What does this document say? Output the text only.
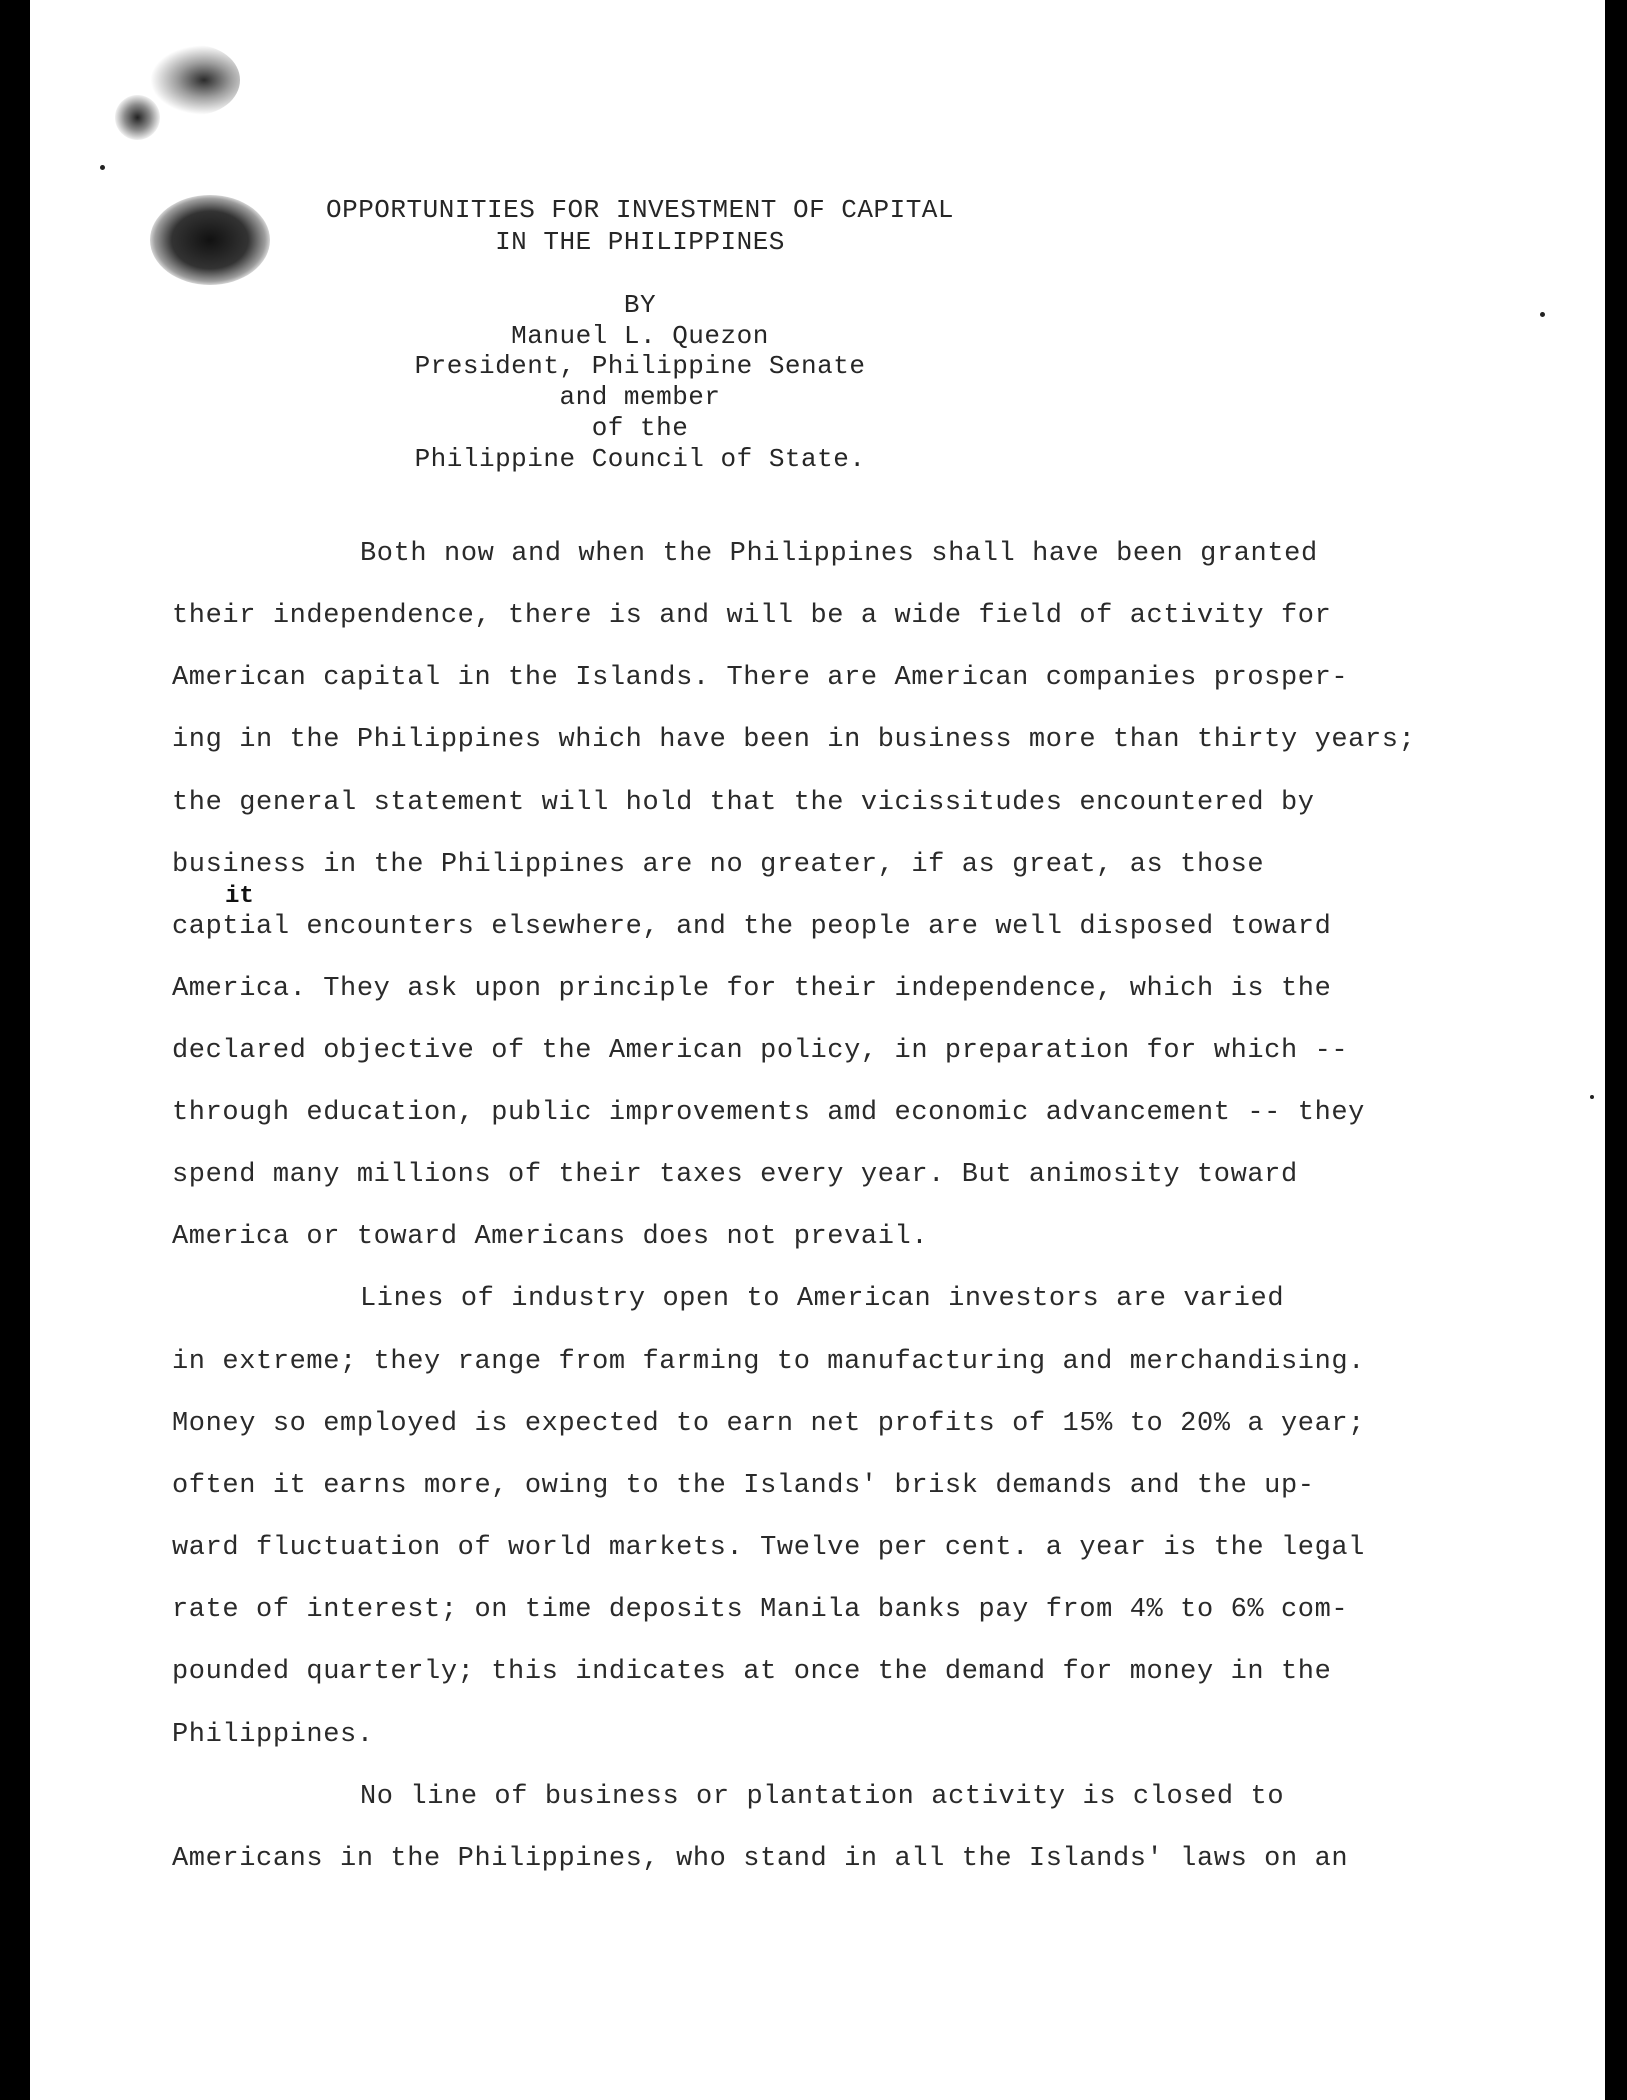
OPPORTUNITIES FOR INVESTMENT OF CAPITAL
IN THE PHILIPPINES
BY
Manuel L. Quezon
President, Philippine Senate
and member
of the
Philippine Council of State.

Both now and when the Philippines shall have been granted

their independence, there is and will be a wide field of activity for

American capital in the Islands. There are American companies prosper-

ing in the Philippines which have been in business more than thirty years;

the general statement will hold that the vicissitudes encountered by

business in the Philippines are no greater, if as great, as those

it

captial encounters elsewhere, and the people are well disposed toward

America. They ask upon principle for their independence, which is the

declared objective of the American policy, in preparation for which --

through education, public improvements amd economic advancement -- they

spend many millions of their taxes every year. But animosity toward

America or toward Americans does not prevail.

Lines of industry open to American investors are varied

in extreme; they range from farming to manufacturing and merchandising.

Money so employed is expected to earn net profits of 15% to 20% a year;

often it earns more, owing to the Islands' brisk demands and the up-

ward fluctuation of world markets. Twelve per cent. a year is the legal

rate of interest; on time deposits Manila banks pay from 4% to 6% com-

pounded quarterly; this indicates at once the demand for money in the

Philippines.

No line of business or plantation activity is closed to

Americans in the Philippines, who stand in all the Islands' laws on an
